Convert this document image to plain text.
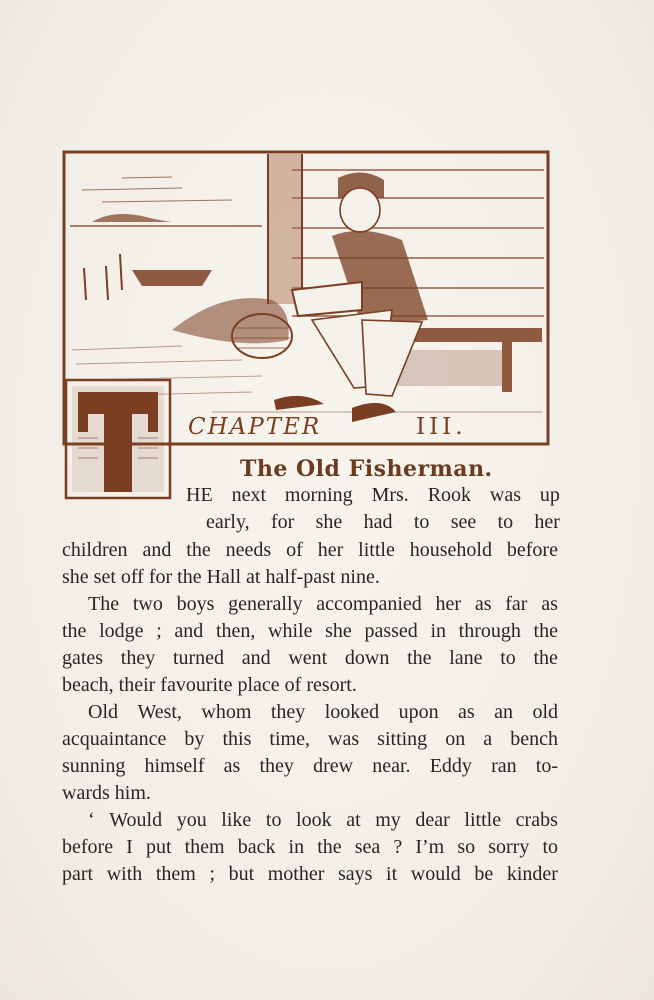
CHAPTER	III.
The Old Fisherman.
HE next morning Mrs. Rook was up
early, for she had to see to her
children and the needs of her little household before
she set off for the Hall at half-past nine.
The two boys generally accompanied her as far as
the lodge ; and then, while she passed in through the
gates they turned and went down the lane to the
beach, their favourite place of resort.
Old West, whom they looked upon as an old
acquaintance by this time, was sitting on a bench
sunning himself as they drew near. Eddy ran to-
wards him.
‘ Would you like to look at my dear little crabs
before I put them back in the sea ? I’m so sorry to
part with them ; but mother says it would be kinder
